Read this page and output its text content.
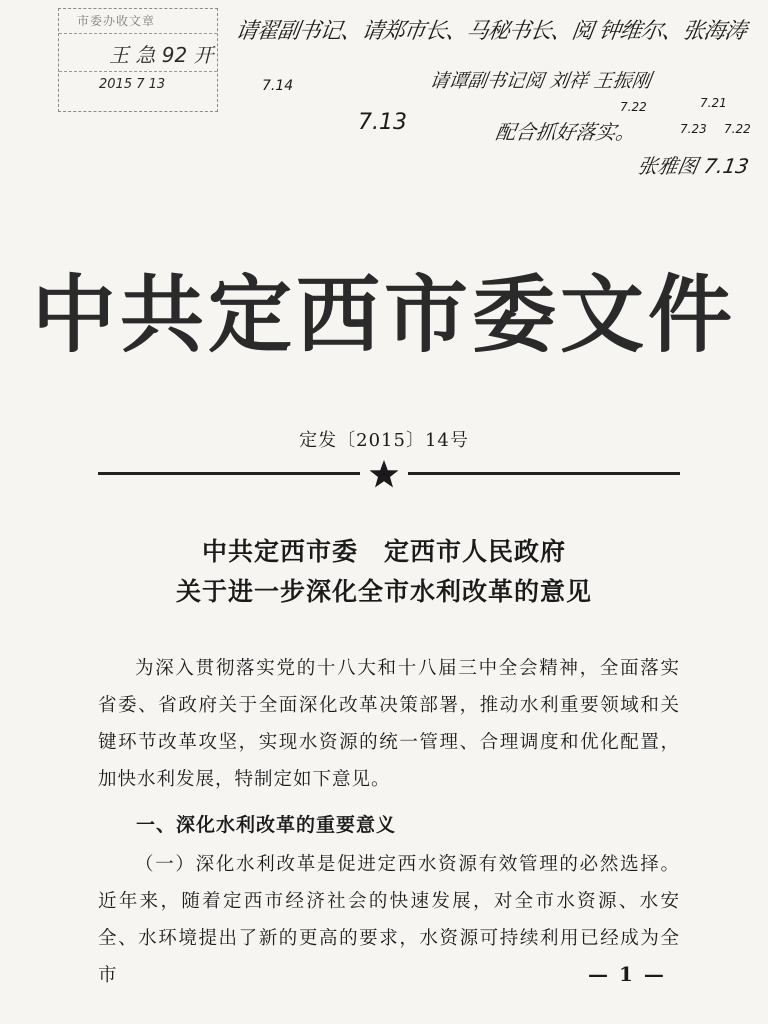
市委办收文章
王 急 92 开
2015 7 13
请翟副书记、请郑市长、马秘书长、阅 钟维尔、张海涛
7.14
7.13
请谭副书记阅 刘祥 王振刚
7.22
配合抓好落实。	7.23 7.22
7.21
张雅图 7.13
中共定西市委文件
定发〔2015〕14号
中共定西市委　定西市人民政府
关于进一步深化全市水利改革的意见
为深入贯彻落实党的十八大和十八届三中全会精神，全面落实省委、省政府关于全面深化改革决策部署，推动水利重要领域和关键环节改革攻坚，实现水资源的统一管理、合理调度和优化配置，加快水利发展，特制定如下意见。
一、深化水利改革的重要意义
（一）深化水利改革是促进定西水资源有效管理的必然选择。近年来，随着定西市经济社会的快速发展，对全市水资源、水安全、水环境提出了新的更高的要求，水资源可持续利用已经成为全市	— 1 —
